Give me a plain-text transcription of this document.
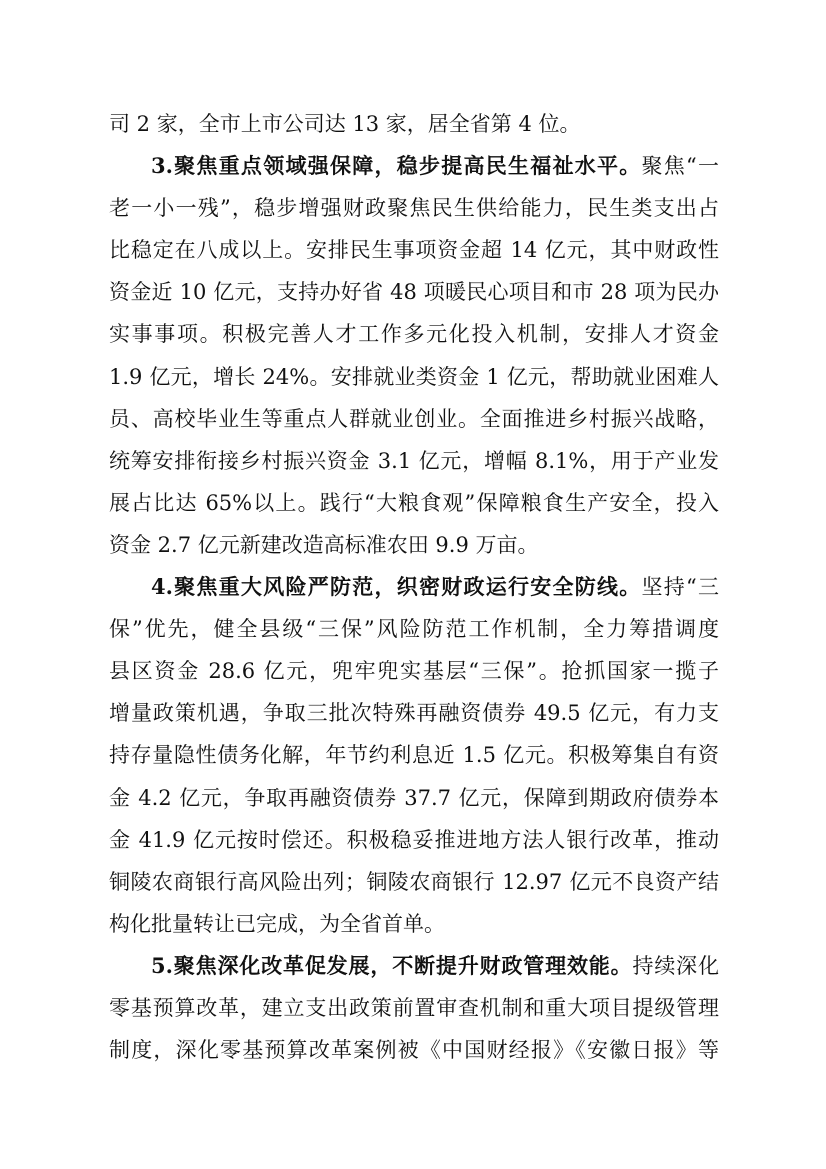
司 2 家，全市上市公司达 13 家，居全省第 4 位。
3.聚焦重点领域强保障，稳步提高民生福祉水平。聚焦“一
老一小一残”，稳步增强财政聚焦民生供给能力，民生类支出占
比稳定在八成以上。安排民生事项资金超 14 亿元，其中财政性
资金近 10 亿元，支持办好省 48 项暖民心项目和市 28 项为民办
实事事项。积极完善人才工作多元化投入机制，安排人才资金
1.9 亿元，增长 24%。安排就业类资金 1 亿元，帮助就业困难人
员、高校毕业生等重点人群就业创业。全面推进乡村振兴战略，
统筹安排衔接乡村振兴资金 3.1 亿元，增幅 8.1%，用于产业发
展占比达 65%以上。践行“大粮食观”保障粮食生产安全，投入
资金 2.7 亿元新建改造高标准农田 9.9 万亩。
4.聚焦重大风险严防范，织密财政运行安全防线。坚持“三
保”优先，健全县级“三保”风险防范工作机制，全力筹措调度
县区资金 28.6 亿元，兜牢兜实基层“三保”。抢抓国家一揽子
增量政策机遇，争取三批次特殊再融资债券 49.5 亿元，有力支
持存量隐性债务化解，年节约利息近 1.5 亿元。积极筹集自有资
金 4.2 亿元，争取再融资债券 37.7 亿元，保障到期政府债券本
金 41.9 亿元按时偿还。积极稳妥推进地方法人银行改革，推动
铜陵农商银行高风险出列；铜陵农商银行 12.97 亿元不良资产结
构化批量转让已完成，为全省首单。
5.聚焦深化改革促发展，不断提升财政管理效能。持续深化
零基预算改革，建立支出政策前置审查机制和重大项目提级管理
制度，深化零基预算改革案例被《中国财经报》《安徽日报》等
